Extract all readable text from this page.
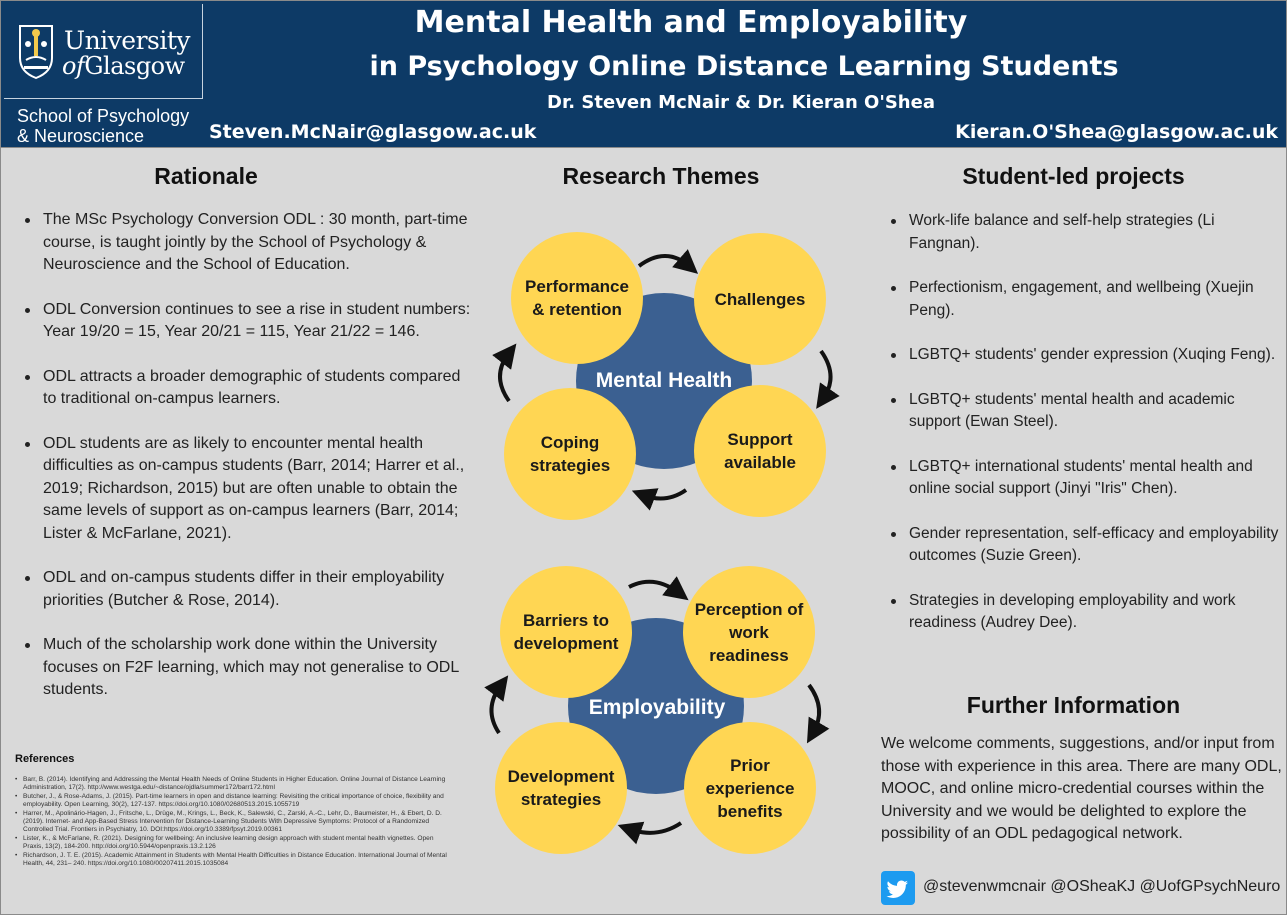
University
ofGlasgow
School of Psychology
& Neuroscience
Mental Health and Employability
in Psychology Online Distance Learning Students
Dr. Steven McNair & Dr. Kieran O'Shea
Steven.McNair@glasgow.ac.uk	Kieran.O'Shea@glasgow.ac.uk
Rationale
The MSc Psychology Conversion ODL : 30 month, part-time course, is taught jointly by the School of Psychology & Neuroscience and the School of Education.
ODL Conversion continues to see a rise in student numbers: Year 19/20 = 15, Year 20/21 = 115, Year 21/22 = 146.
ODL attracts a broader demographic of students compared to traditional on-campus learners.
ODL students are as likely to encounter mental health difficulties as on-campus students (Barr, 2014; Harrer et al., 2019; Richardson, 2015) but are often unable to obtain the same levels of support as on-campus learners (Barr, 2014; Lister & McFarlane, 2021).
ODL and on-campus students differ in their employability priorities (Butcher & Rose, 2014).
Much of the scholarship work done within the University focuses on F2F learning, which may not generalise to ODL students.
References
• Barr, B. (2014). Identifying and Addressing the Mental Health Needs of Online Students in Higher Education. Online Journal of Distance Learning Administration, 17(2). http://www.westga.edu/~distance/ojdla/summer172/barr172.html
• Butcher, J., & Rose-Adams, J. (2015). Part-time learners in open and distance learning: Revisiting the critical importance of choice, flexibility and employability. Open Learning, 30(2), 127-137. https://doi.org/10.1080/02680513.2015.1055719
• Harrer, M., Apolinário-Hagen, J., Fritsche, L., Drüge, M., Krings, L., Beck, K., Salewski, C., Zarski, A.-C., Lehr, D., Baumeister, H., & Ebert, D. D. (2019). Internet- and App-Based Stress Intervention for Distance-Learning Students With Depressive Symptoms: Protocol of a Randomized Controlled Trial. Frontiers in Psychiatry, 10. DOI:https://doi.org/10.3389/fpsyt.2019.00361
• Lister, K., & McFarlane, R. (2021). Designing for wellbeing: An inclusive learning design approach with student mental health vignettes. Open Praxis, 13(2), 184-200. http://doi.org/10.5944/openpraxis.13.2.126
• Richardson, J. T. E. (2015). Academic Attainment in Students with Mental Health Difficulties in Distance Education. International Journal of Mental Health, 44, 231– 240. https://doi.org/10.1080/00207411.2015.1035084
Research Themes
Mental Health
Performance & retention
Challenges
Support available
Coping strategies
Employability
Barriers to development
Perception of work readiness
Prior experience benefits
Development strategies
Student-led projects
Work-life balance and self-help strategies (Li Fangnan).
Perfectionism, engagement, and wellbeing (Xuejin Peng).
LGBTQ+ students' gender expression (Xuqing Feng).
LGBTQ+ students' mental health and academic support (Ewan Steel).
LGBTQ+ international students' mental health and online social support (Jinyi "Iris" Chen).
Gender representation, self-efficacy and employability outcomes (Suzie Green).
Strategies in developing employability and work readiness (Audrey Dee).
Further Information
We welcome comments, suggestions, and/or input from those with experience in this area. There are many ODL, MOOC, and online micro-credential courses within the University and we would be delighted to explore the possibility of an ODL pedagogical network.
@stevenwmcnair @OSheaKJ @UofGPsychNeuro
